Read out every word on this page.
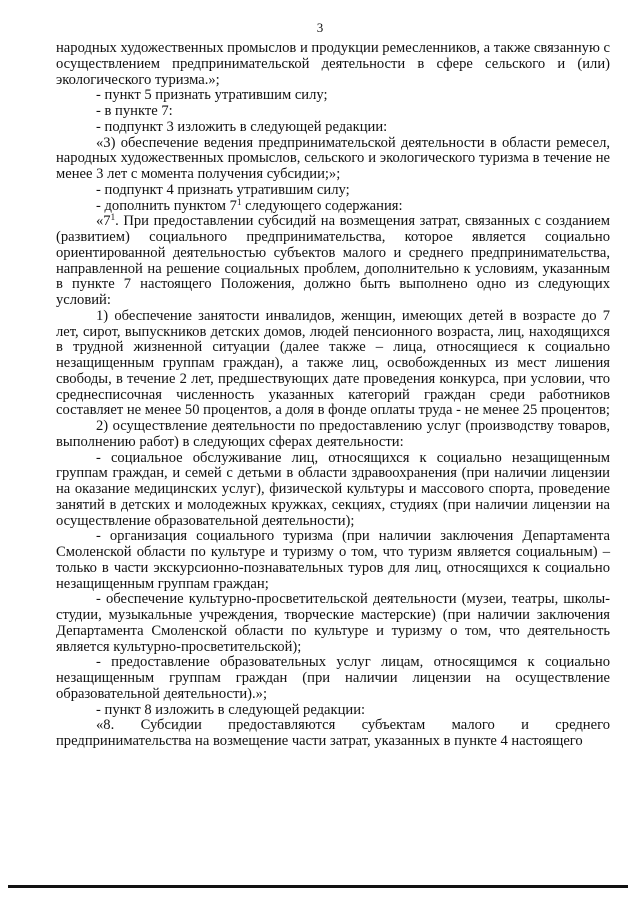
3

народных художественных промыслов и продукции ремесленников, а также связанную с осуществлением предпринимательской деятельности в сфере сельского и (или) экологического туризма.»;

- пункт 5 признать утратившим силу;

- в пункте 7:

- подпункт 3 изложить в следующей редакции:

«3) обеспечение ведения предпринимательской деятельности в области ремесел, народных художественных промыслов, сельского и экологического туризма в течение не менее 3 лет с момента получения субсидии;»;

- подпункт 4 признать утратившим силу;

- дополнить пунктом $7^1$ следующего содержания:

«$7^1$. При предоставлении субсидий на возмещения затрат, связанных с созданием (развитием) социального предпринимательства, которое является социально ориентированной деятельностью субъектов малого и среднего предпринимательства, направленной на решение социальных проблем, дополнительно к условиям, указанным в пункте 7 настоящего Положения, должно быть выполнено одно из следующих условий:

1) обеспечение занятости инвалидов, женщин, имеющих детей в возрасте до 7 лет, сирот, выпускников детских домов, людей пенсионного возраста, лиц, находящихся в трудной жизненной ситуации (далее также – лица, относящиеся к социально незащищенным группам граждан), а также лиц, освобожденных из мест лишения свободы, в течение 2 лет, предшествующих дате проведения конкурса, при условии, что среднесписочная численность указанных категорий граждан среди работников составляет не менее 50 процентов, а доля в фонде оплаты труда - не менее 25 процентов;

2) осуществление деятельности по предоставлению услуг (производству товаров, выполнению работ) в следующих сферах деятельности:

- социальное обслуживание лиц, относящихся к социально незащищенным группам граждан, и семей с детьми в области здравоохранения (при наличии лицензии на оказание медицинских услуг), физической культуры и массового спорта, проведение занятий в детских и молодежных кружках, секциях, студиях (при наличии лицензии на осуществление образовательной деятельности);

- организация социального туризма (при наличии заключения Департамента Смоленской области по культуре и туризму о том, что туризм является социальным) – только в части экскурсионно-познавательных туров для лиц, относящихся к социально незащищенным группам граждан;

- обеспечение культурно-просветительской деятельности (музеи, театры, школы-студии, музыкальные учреждения, творческие мастерские) (при наличии заключения Департамента Смоленской области по культуре и туризму о том, что деятельность является культурно-просветительской);

- предоставление образовательных услуг лицам, относящимся к социально незащищенным группам граждан (при наличии лицензии на осуществление образовательной деятельности).»;

- пункт 8 изложить в следующей редакции:

«8. Субсидии предоставляются субъектам малого и среднего предпринимательства на возмещение части затрат, указанных в пункте 4 настоящего
